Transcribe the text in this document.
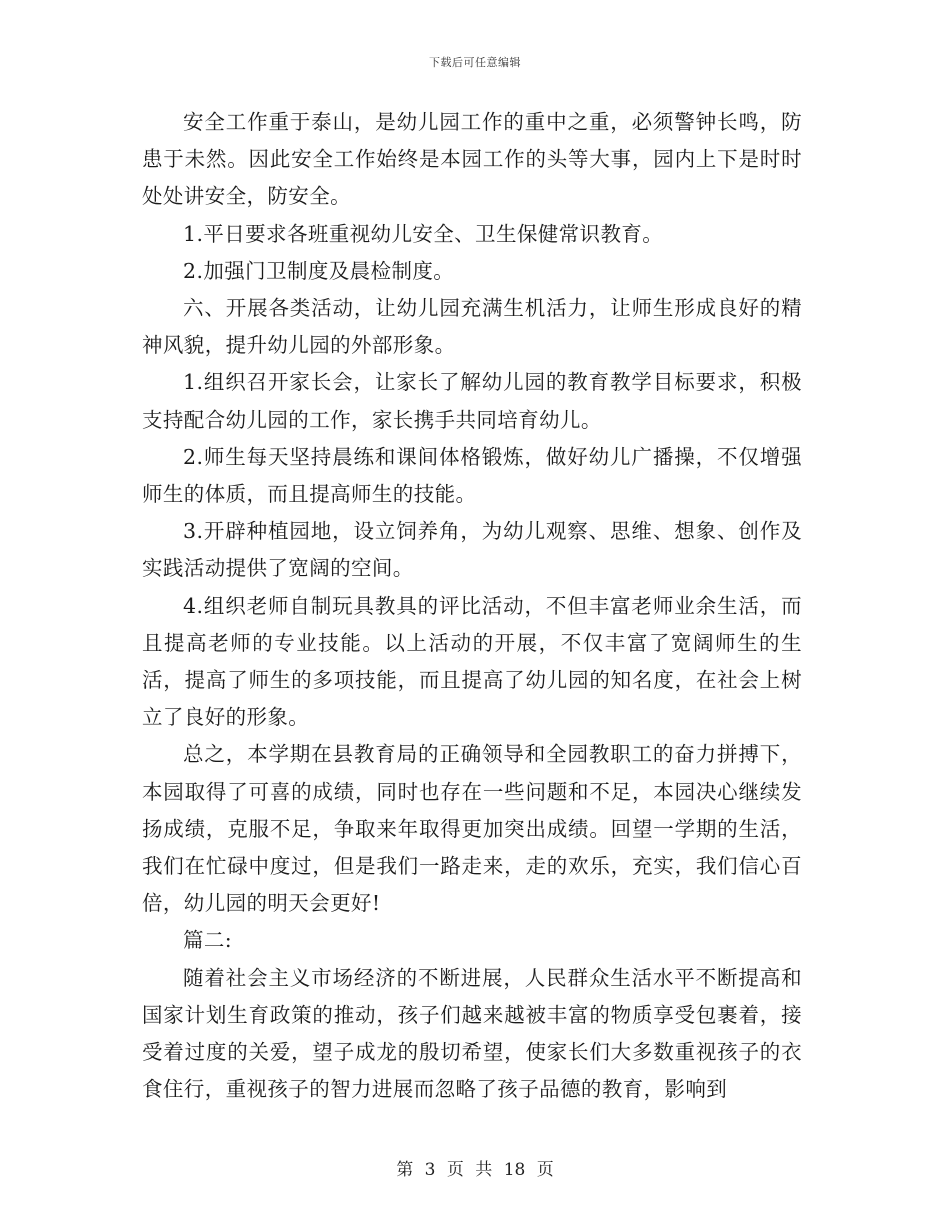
下载后可任意编辑

安全工作重于泰山，是幼儿园工作的重中之重，必须警钟长鸣，防患于未然。因此安全工作始终是本园工作的头等大事，园内上下是时时处处讲安全，防安全。

1.平日要求各班重视幼儿安全、卫生保健常识教育。

2.加强门卫制度及晨检制度。

六、开展各类活动，让幼儿园充满生机活力，让师生形成良好的精神风貌，提升幼儿园的外部形象。

1.组织召开家长会，让家长了解幼儿园的教育教学目标要求，积极支持配合幼儿园的工作，家长携手共同培育幼儿。

2.师生每天坚持晨练和课间体格锻炼，做好幼儿广播操，不仅增强师生的体质，而且提高师生的技能。

3.开辟种植园地，设立饲养角，为幼儿观察、思维、想象、创作及实践活动提供了宽阔的空间。

4.组织老师自制玩具教具的评比活动，不但丰富老师业余生活，而且提高老师的专业技能。以上活动的开展，不仅丰富了宽阔师生的生活，提高了师生的多项技能，而且提高了幼儿园的知名度，在社会上树立了良好的形象。

总之，本学期在县教育局的正确领导和全园教职工的奋力拼搏下，本园取得了可喜的成绩，同时也存在一些问题和不足，本园决心继续发扬成绩，克服不足，争取来年取得更加突出成绩。回望一学期的生活，我们在忙碌中度过，但是我们一路走来，走的欢乐，充实，我们信心百倍，幼儿园的明天会更好!

篇二:

随着社会主义市场经济的不断进展，人民群众生活水平不断提高和国家计划生育政策的推动，孩子们越来越被丰富的物质享受包裹着，接受着过度的关爱，望子成龙的殷切希望，使家长们大多数重视孩子的衣食住行，重视孩子的智力进展而忽略了孩子品德的教育，影响到

第 3 页 共 18 页
